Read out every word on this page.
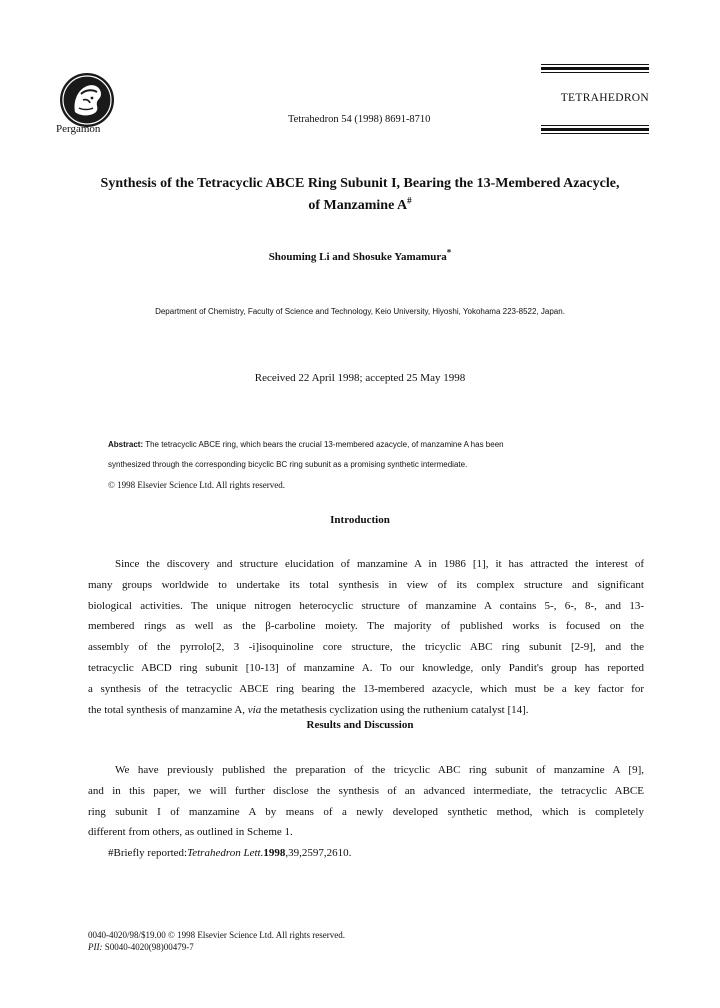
Pergamon
Tetrahedron 54 (1998) 8691-8710
TETRAHEDRON
Synthesis of the Tetracyclic ABCE Ring Subunit I, Bearing the 13-Membered Azacycle,
of Manzamine A#
Shouming Li and Shosuke Yamamura*
Department of Chemistry, Faculty of Science and Technology, Keio University, Hiyoshi, Yokohama 223-8522, Japan.
Received 22 April 1998; accepted 25 May 1998
Abstract: The tetracyclic ABCE ring, which bears the crucial 13-membered azacycle, of manzamine A has been
synthesized through the corresponding bicyclic BC ring subunit as a promising synthetic intermediate.
© 1998 Elsevier Science Ltd. All rights reserved.
Introduction
Since the discovery and structure elucidation of manzamine A in 1986 [1], it has attracted the interest of
many groups worldwide to undertake its total synthesis in view of its complex structure and significant
biological activities. The unique nitrogen heterocyclic structure of manzamine A contains 5-, 6-, 8-, and 13-
membered rings as well as the β-carboline moiety. The majority of published works is focused on the
assembly of the pyrrolo[2, 3 -i]isoquinoline core structure, the tricyclic ABC ring subunit [2-9], and the
tetracyclic ABCD ring subunit [10-13] of manzamine A. To our knowledge, only Pandit's group has reported
a synthesis of the tetracyclic ABCE ring bearing the 13-membered azacycle, which must be a key factor for
the total synthesis of manzamine A, via the metathesis cyclization using the ruthenium catalyst [14].
Results and Discussion
We have previously published the preparation of the tricyclic ABC ring subunit of manzamine A [9],
and in this paper, we will further disclose the synthesis of an advanced intermediate, the tetracyclic ABCE
ring subunit I of manzamine A by means of a newly developed synthetic method, which is completely
different from others, as outlined in Scheme 1.
#Briefly reported:Tetrahedron Lett.1998,39,2597,2610.
0040-4020/98/$19.00 © 1998 Elsevier Science Ltd. All rights reserved.
PII: S0040-4020(98)00479-7
